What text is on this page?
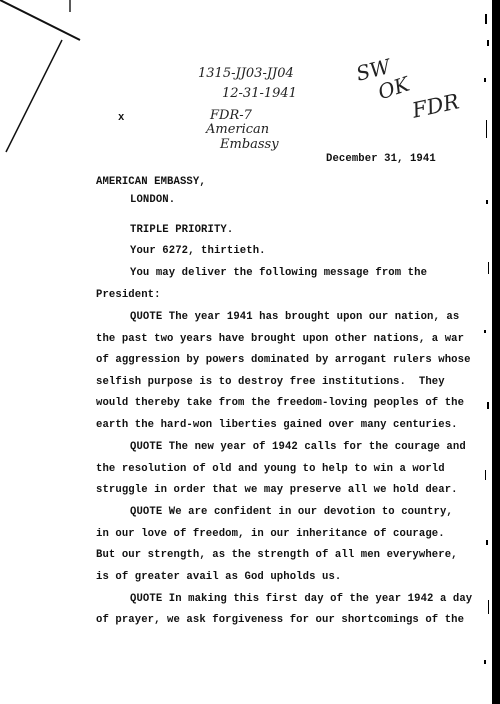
1315-JJ03-JJ04
12-31-1941
FDR-7
American
Embassy
SW
OK
FDR
x
December 31, 1941
AMERICAN EMBASSY,
LONDON.
TRIPLE PRIORITY.
Your 6272, thirtieth.
You may deliver the following message from the
President:
QUOTE The year 1941 has brought upon our nation, as
the past two years have brought upon other nations, a war
of aggression by powers dominated by arrogant rulers whose
selfish purpose is to destroy free institutions.  They
would thereby take from the freedom-loving peoples of the
earth the hard-won liberties gained over many centuries.
QUOTE The new year of 1942 calls for the courage and
the resolution of old and young to help to win a world
struggle in order that we may preserve all we hold dear.
QUOTE We are confident in our devotion to country,
in our love of freedom, in our inheritance of courage.
But our strength, as the strength of all men everywhere,
is of greater avail as God upholds us.
QUOTE In making this first day of the year 1942 a day
of prayer, we ask forgiveness for our shortcomings of the
